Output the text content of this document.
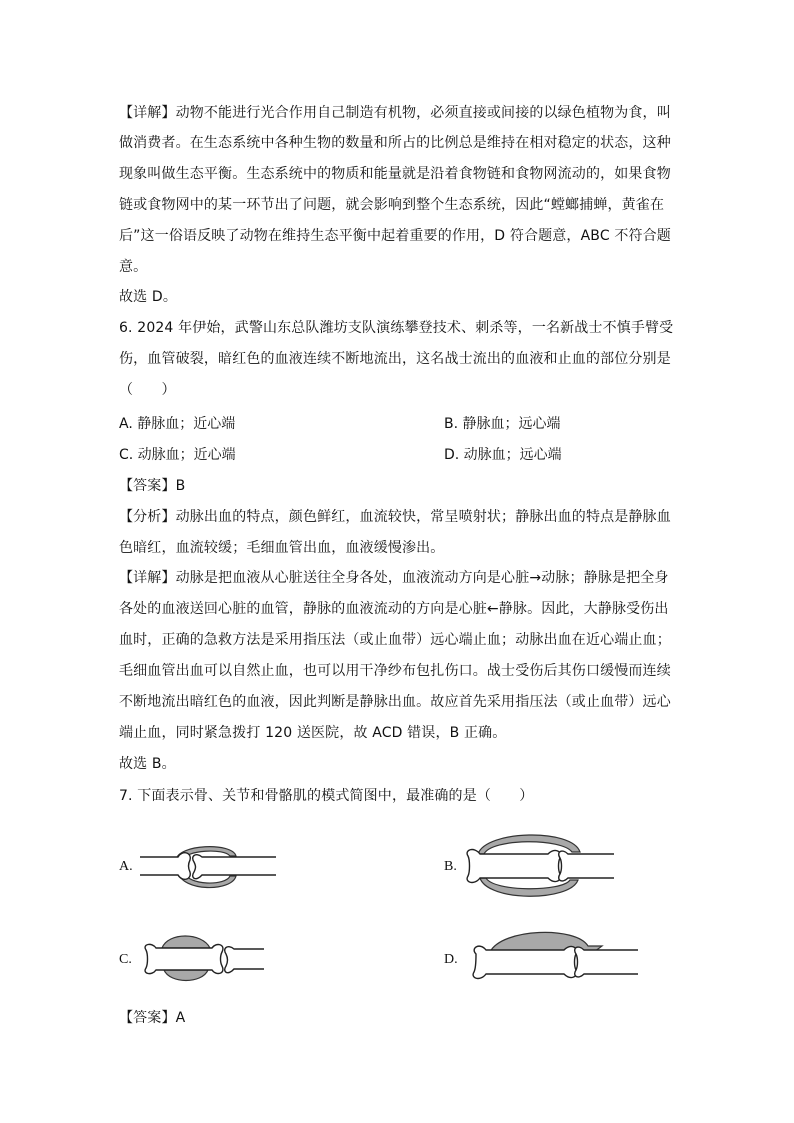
【详解】动物不能进行光合作用自己制造有机物，必须直接或间接的以绿色植物为食，叫
做消费者。在生态系统中各种生物的数量和所占的比例总是维持在相对稳定的状态，这种
现象叫做生态平衡。生态系统中的物质和能量就是沿着食物链和食物网流动的，如果食物
链或食物网中的某一环节出了问题，就会影响到整个生态系统，因此“螳螂捕蝉，黄雀在
后”这一俗语反映了动物在维持生态平衡中起着重要的作用，D 符合题意，ABC 不符合题
意。
故选 D。
6. 2024 年伊始，武警山东总队潍坊支队演练攀登技术、刺杀等，一名新战士不慎手臂受
伤，血管破裂，暗红色的血液连续不断地流出，这名战士流出的血液和止血的部位分别是
（　　）
A. 静脉血；近心端	B. 静脉血；远心端
C. 动脉血；近心端	D. 动脉血；远心端
【答案】B
【分析】动脉出血的特点，颜色鲜红，血流较快，常呈喷射状；静脉出血的特点是静脉血
色暗红，血流较缓；毛细血管出血，血液缓慢渗出。
【详解】动脉是把血液从心脏送往全身各处，血液流动方向是心脏→动脉；静脉是把全身
各处的血液送回心脏的血管，静脉的血液流动的方向是心脏←静脉。因此，大静脉受伤出
血时，正确的急救方法是采用指压法（或止血带）远心端止血；动脉出血在近心端止血；
毛细血管出血可以自然止血，也可以用干净纱布包扎伤口。战士受伤后其伤口缓慢而连续
不断地流出暗红色的血液，因此判断是静脉出血。故应首先采用指压法（或止血带）远心
端止血，同时紧急拨打 120 送医院，故 ACD 错误，B 正确。
故选 B。
7. 下面表示骨、关节和骨骼肌的模式简图中，最准确的是（　　）
A.	B.
C.	D.
【答案】A
